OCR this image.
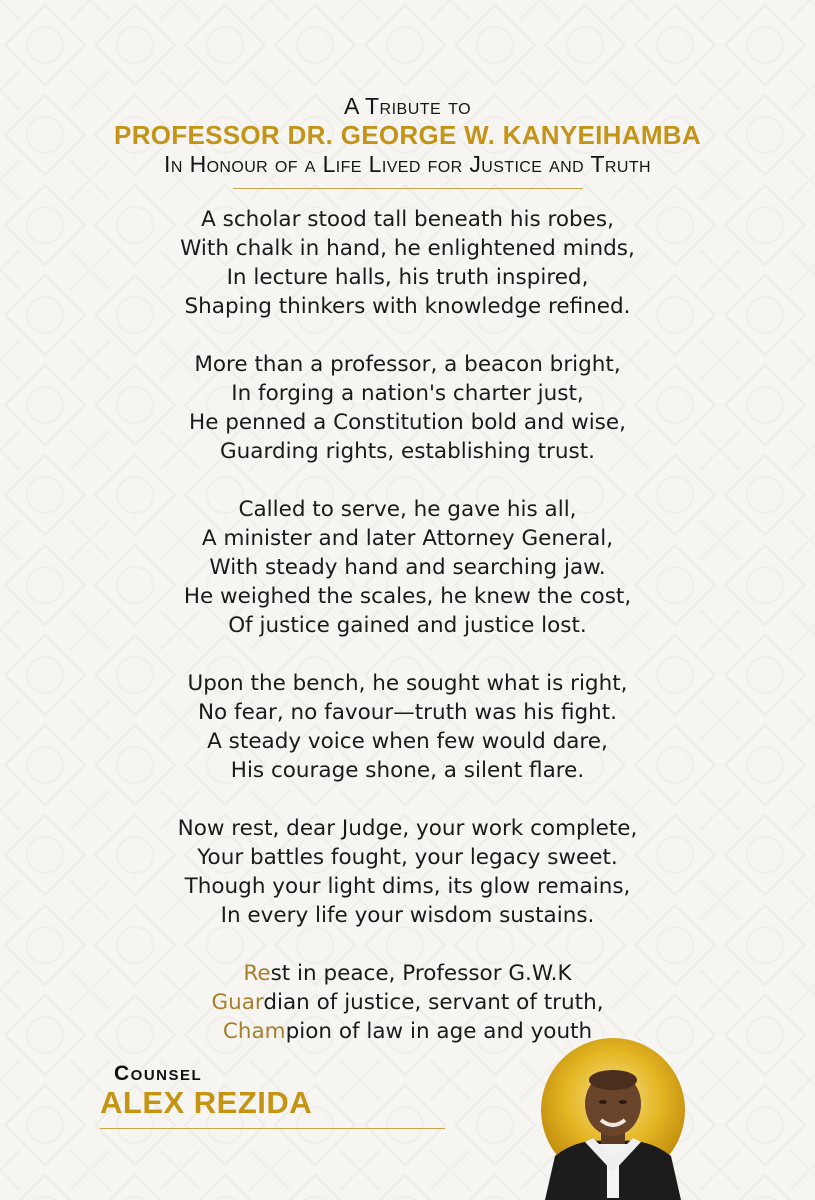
A Tribute to
PROFESSOR DR. GEORGE W. KANYEIHAMBA
In Honour of a Life Lived for Justice and Truth
A scholar stood tall beneath his robes,
With chalk in hand, he enlightened minds,
In lecture halls, his truth inspired,
Shaping thinkers with knowledge refined.
More than a professor, a beacon bright,
In forging a nation's charter just,
He penned a Constitution bold and wise,
Guarding rights, establishing trust.
Called to serve, he gave his all,
A minister and later Attorney General,
With steady hand and searching jaw.
He weighed the scales, he knew the cost,
Of justice gained and justice lost.
Upon the bench, he sought what is right,
No fear, no favour—truth was his fight.
A steady voice when few would dare,
His courage shone, a silent flare.
Now rest, dear Judge, your work complete,
Your battles fought, your legacy sweet.
Though your light dims, its glow remains,
In every life your wisdom sustains.
Rest in peace, Professor G.W.K
Guardian of justice, servant of truth,
Champion of law in age and youth
Counsel
ALEX REZIDA
